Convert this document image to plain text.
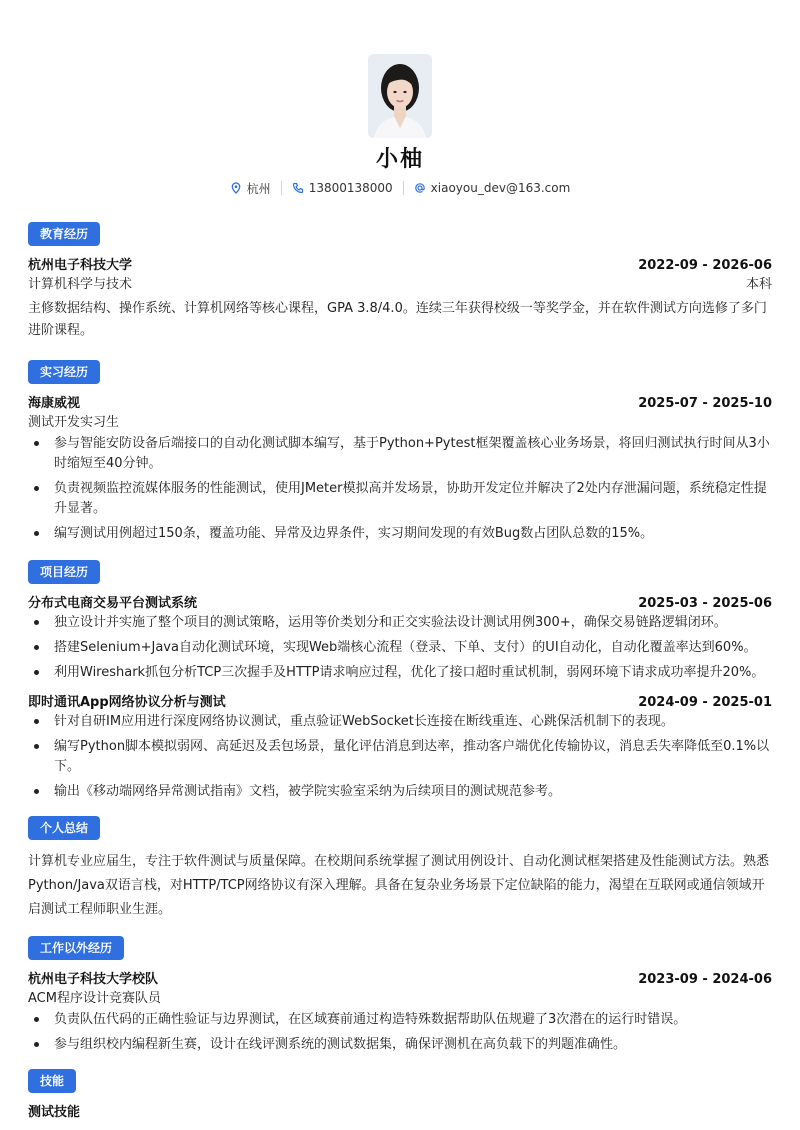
小柚
杭州	13800138000	xiaoyou_dev@163.com
教育经历
杭州电子科技大学	2022-09 - 2026-06
计算机科学与技术	本科
主修数据结构、操作系统、计算机网络等核心课程，GPA 3.8/4.0。连续三年获得校级一等奖学金，并在软件测试方向选修了多门进阶课程。
实习经历
海康威视	2025-07 - 2025-10
测试开发实习生
参与智能安防设备后端接口的自动化测试脚本编写，基于Python+Pytest框架覆盖核心业务场景，将回归测试执行时间从3小时缩短至40分钟。
负责视频监控流媒体服务的性能测试，使用JMeter模拟高并发场景，协助开发定位并解决了2处内存泄漏问题，系统稳定性提升显著。
编写测试用例超过150条，覆盖功能、异常及边界条件，实习期间发现的有效Bug数占团队总数的15%。
项目经历
分布式电商交易平台测试系统	2025-03 - 2025-06
独立设计并实施了整个项目的测试策略，运用等价类划分和正交实验法设计测试用例300+，确保交易链路逻辑闭环。
搭建Selenium+Java自动化测试环境，实现Web端核心流程（登录、下单、支付）的UI自动化，自动化覆盖率达到60%。
利用Wireshark抓包分析TCP三次握手及HTTP请求响应过程，优化了接口超时重试机制，弱网环境下请求成功率提升20%。
即时通讯App网络协议分析与测试	2024-09 - 2025-01
针对自研IM应用进行深度网络协议测试，重点验证WebSocket长连接在断线重连、心跳保活机制下的表现。
编写Python脚本模拟弱网、高延迟及丢包场景，量化评估消息到达率，推动客户端优化传输协议，消息丢失率降低至0.1%以下。
输出《移动端网络异常测试指南》文档，被学院实验室采纳为后续项目的测试规范参考。
个人总结
计算机专业应届生，专注于软件测试与质量保障。在校期间系统掌握了测试用例设计、自动化测试框架搭建及性能测试方法。熟悉Python/Java双语言栈，对HTTP/TCP网络协议有深入理解。具备在复杂业务场景下定位缺陷的能力，渴望在互联网或通信领域开启测试工程师职业生涯。
工作以外经历
杭州电子科技大学校队	2023-09 - 2024-06
ACM程序设计竞赛队员
负责队伍代码的正确性验证与边界测试，在区域赛前通过构造特殊数据帮助队伍规避了3次潜在的运行时错误。
参与组织校内编程新生赛，设计在线评测系统的测试数据集，确保评测机在高负载下的判题准确性。
技能
测试技能
